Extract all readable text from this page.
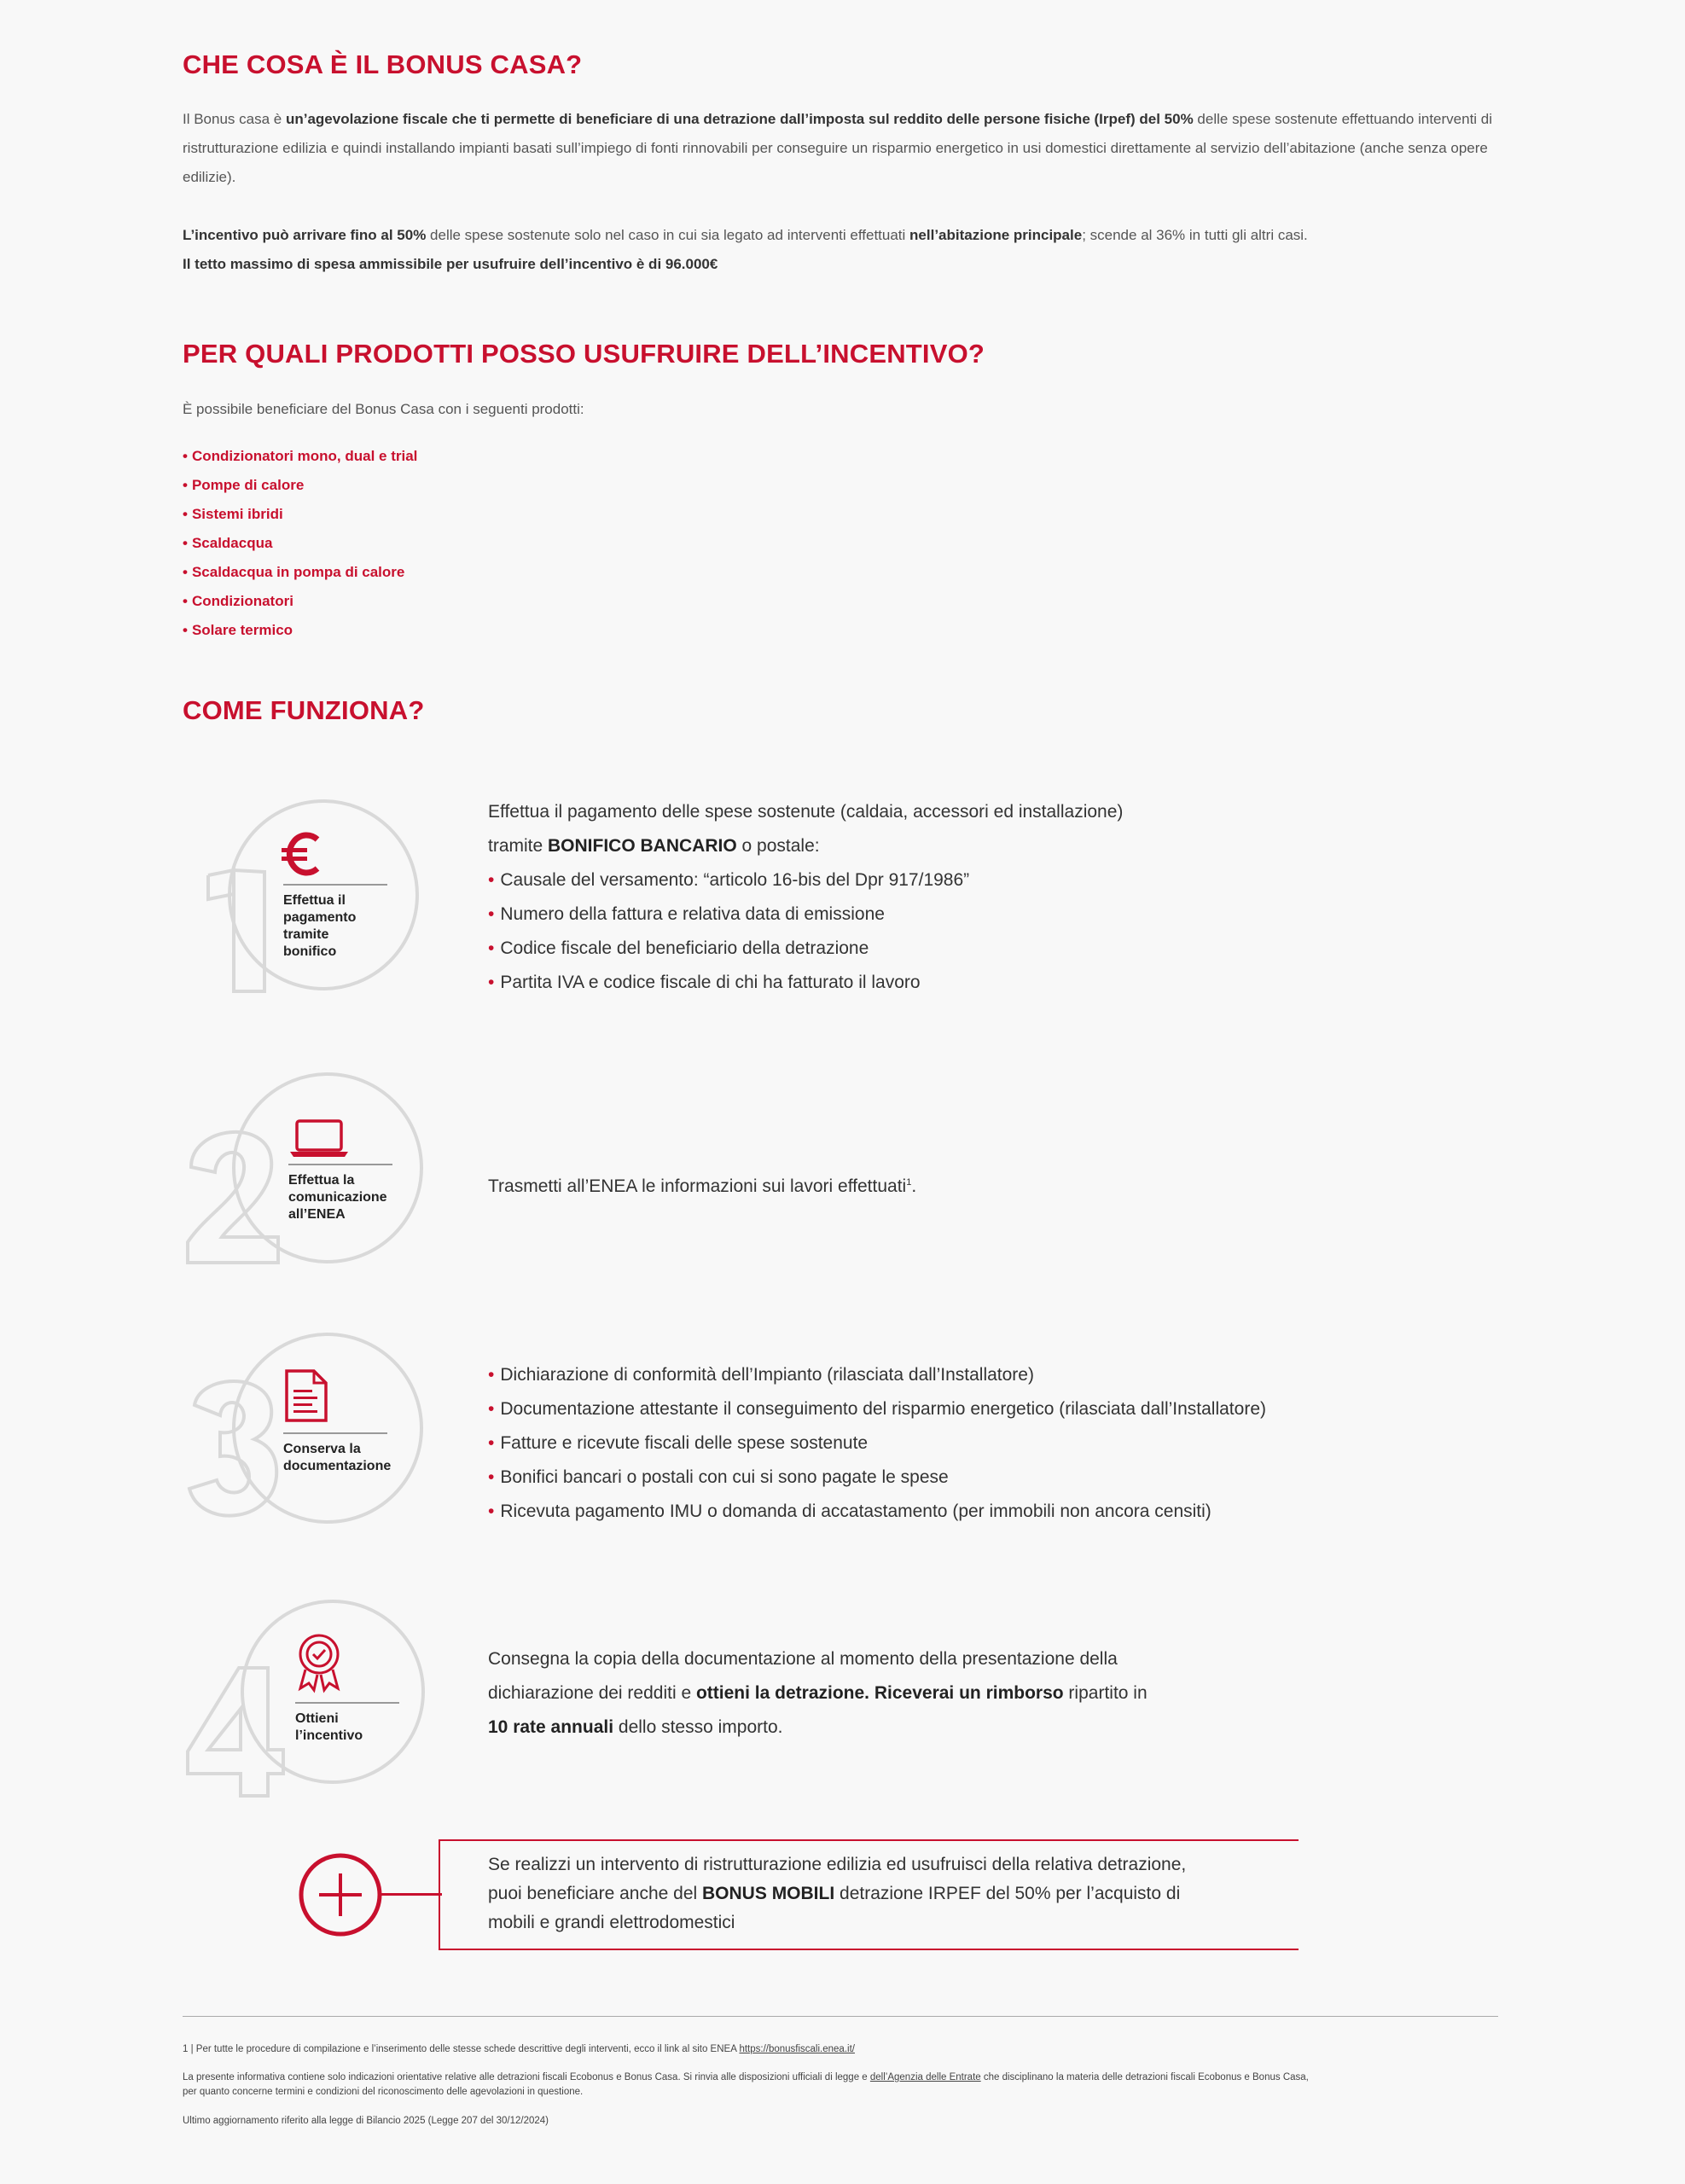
CHE COSA È IL BONUS CASA?

Il Bonus casa è un’agevolazione fiscale che ti permette di beneficiare di una detrazione dall’imposta sul reddito delle persone fisiche (Irpef) del 50% delle spese sostenute effettuando interventi di ristrutturazione edilizia e quindi installando impianti basati sull’impiego di fonti rinnovabili per conseguire un risparmio energetico in usi domestici direttamente al servizio dell’abitazione (anche senza opere edilizie).

L’incentivo può arrivare fino al 50% delle spese sostenute solo nel caso in cui sia legato ad interventi effettuati nell’abitazione principale; scende al 36% in tutti gli altri casi.
Il tetto massimo di spesa ammissibile per usufruire dell’incentivo è di 96.000€

PER QUALI PRODOTTI POSSO USUFRUIRE DELL’INCENTIVO?

È possibile beneficiare del Bonus Casa con i seguenti prodotti:

• Condizionatori mono, dual e trial
• Pompe di calore
• Sistemi ibridi
• Scaldacqua
• Scaldacqua in pompa di calore
• Condizionatori
• Solare termico
COME FUNZIONA?
Effettua il pagamento tramite bonifico
Effettua il pagamento delle spese sostenute (caldaia, accessori ed installazione)
tramite BONIFICO BANCARIO o postale:
• Causale del versamento: “articolo 16-bis del Dpr 917/1986”
• Numero della fattura e relativa data di emissione
• Codice fiscale del beneficiario della detrazione
• Partita IVA e codice fiscale di chi ha fatturato il lavoro
Effettua la comunicazione all’ENEA
Trasmetti all’ENEA le informazioni sui lavori effettuati$^1$.
Conserva la documentazione
• Dichiarazione di conformità dell’Impianto (rilasciata dall’Installatore)
• Documentazione attestante il conseguimento del risparmio energetico (rilasciata dall’Installatore)
• Fatture e ricevute fiscali delle spese sostenute
• Bonifici bancari o postali con cui si sono pagate le spese
• Ricevuta pagamento IMU o domanda di accatastamento (per immobili non ancora censiti)
Ottieni l’incentivo
Consegna la copia della documentazione al momento della presentazione della
dichiarazione dei redditi e ottieni la detrazione. Riceverai un rimborso ripartito in
10 rate annuali dello stesso importo.
Se realizzi un intervento di ristrutturazione edilizia ed usufruisci della relativa detrazione,
puoi beneficiare anche del BONUS MOBILI detrazione IRPEF del 50% per l’acquisto di
mobili e grandi elettrodomestici
1 | Per tutte le procedure di compilazione e l’inserimento delle stesse schede descrittive degli interventi, ecco il link al sito ENEA https://bonusfiscali.enea.it/
La presente informativa contiene solo indicazioni orientative relative alle detrazioni fiscali Ecobonus e Bonus Casa. Si rinvia alle disposizioni ufficiali di legge e dell’Agenzia delle Entrate che disciplinano la materia delle detrazioni fiscali Ecobonus e Bonus Casa,
per quanto concerne termini e condizioni del riconoscimento delle agevolazioni in questione.
Ultimo aggiornamento riferito alla legge di Bilancio 2025 (Legge 207 del 30/12/2024)
